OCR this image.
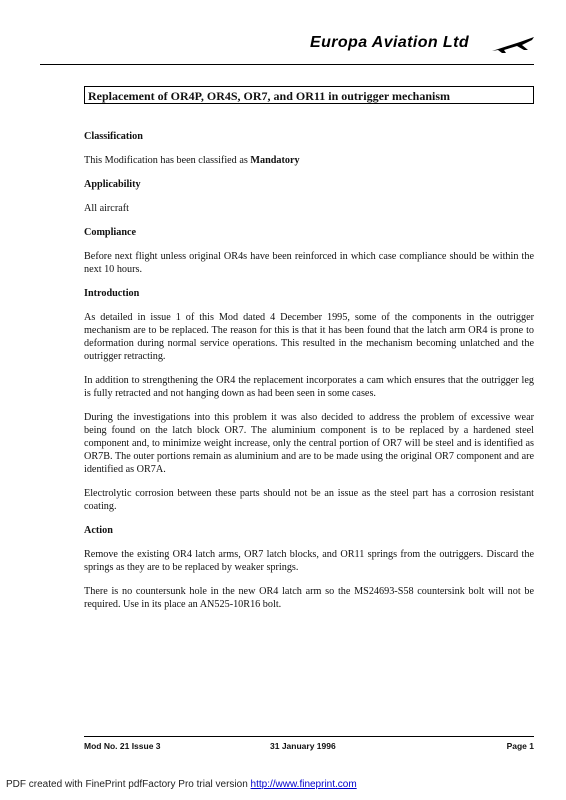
Europa Aviation Ltd
Replacement of OR4P, OR4S, OR7, and OR11 in outrigger mechanism
Classification
This Modification has been classified as Mandatory
Applicability
All aircraft
Compliance
Before next flight unless original OR4s have been reinforced in which case compliance should be within the next 10 hours.
Introduction
As detailed in issue 1 of this Mod dated 4 December 1995, some of the components in the outrigger mechanism are to be replaced. The reason for this is that it has been found that the latch arm OR4 is prone to deformation during normal service operations. This resulted in the mechanism becoming unlatched and the outrigger retracting.
In addition to strengthening the OR4 the replacement incorporates a cam which ensures that the outrigger leg is fully retracted and not hanging down as had been seen in some cases.
During the investigations into this problem it was also decided to address the problem of excessive wear being found on the latch block OR7. The aluminium component is to be replaced by a hardened steel component and, to minimize weight increase, only the central portion of OR7 will be steel and is identified as OR7B. The outer portions remain as aluminium and are to be made using the original OR7 component and are identified as OR7A.
Electrolytic corrosion between these parts should not be an issue as the steel part has a corrosion resistant coating.
Action
Remove the existing OR4 latch arms, OR7 latch blocks, and OR11 springs from the outriggers. Discard the springs as they are to be replaced by weaker springs.
There is no countersunk hole in the new OR4 latch arm so the MS24693-S58 countersink bolt will not be required. Use in its place an AN525-10R16 bolt.
Mod No. 21 Issue 3	31 January 1996	Page 1
PDF created with FinePrint pdfFactory Pro trial version http://www.fineprint.com
